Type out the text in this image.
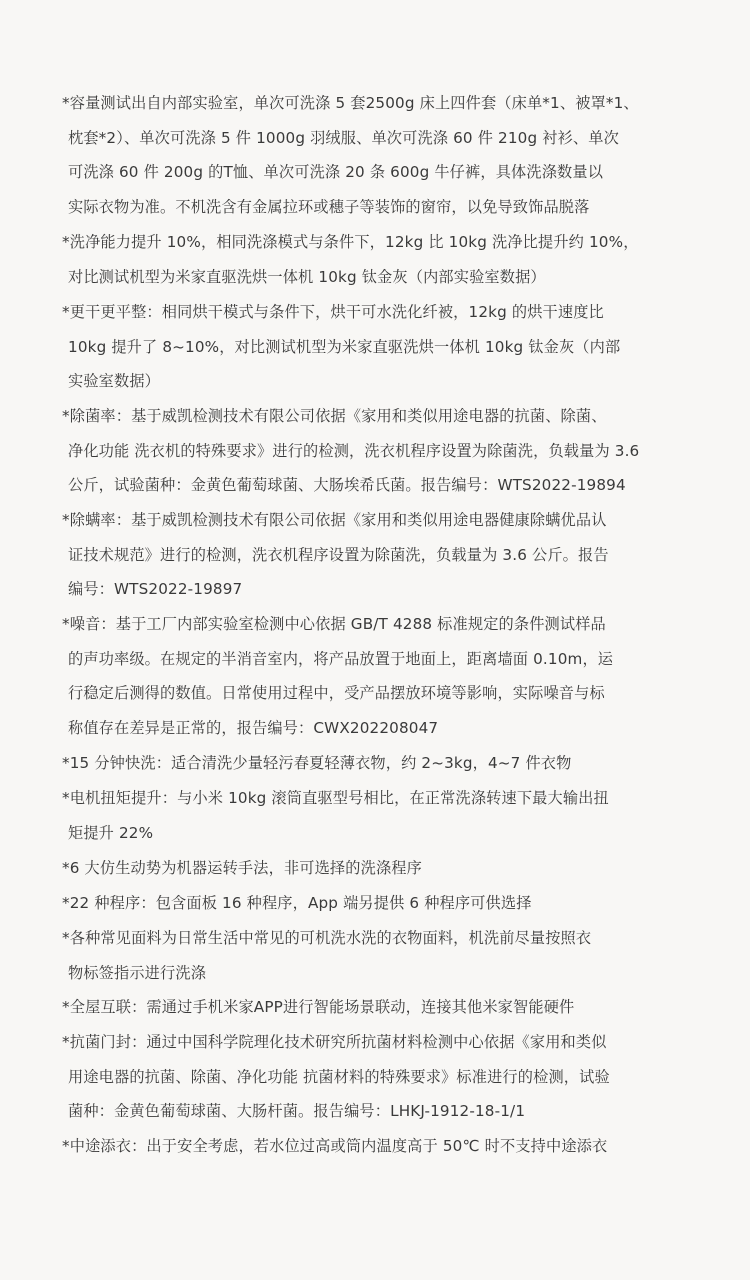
*容量测试出自内部实验室，单次可洗涤 5 套2500g 床上四件套（床单*1、被罩*1、
枕套*2）、单次可洗涤 5 件 1000g 羽绒服、单次可洗涤 60 件 210g 衬衫、单次
可洗涤 60 件 200g 的T恤、单次可洗涤 20 条 600g 牛仔裤，具体洗涤数量以
实际衣物为准。不机洗含有金属拉环或穗子等装饰的窗帘，以免导致饰品脱落
*洗净能力提升 10%，相同洗涤模式与条件下，12kg 比 10kg 洗净比提升约 10%，
对比测试机型为米家直驱洗烘一体机 10kg 钛金灰（内部实验室数据）
*更干更平整：相同烘干模式与条件下，烘干可水洗化纤被，12kg 的烘干速度比
10kg 提升了 8~10%，对比测试机型为米家直驱洗烘一体机 10kg 钛金灰（内部
实验室数据）
*除菌率：基于威凯检测技术有限公司依据《家用和类似用途电器的抗菌、除菌、
净化功能 洗衣机的特殊要求》进行的检测，洗衣机程序设置为除菌洗，负载量为 3.6
公斤，试验菌种：金黄色葡萄球菌、大肠埃希氏菌。报告编号：WTS2022-19894
*除螨率：基于威凯检测技术有限公司依据《家用和类似用途电器健康除螨优品认
证技术规范》进行的检测，洗衣机程序设置为除菌洗，负载量为 3.6 公斤。报告
编号：WTS2022-19897
*噪音：基于工厂内部实验室检测中心依据 GB/T 4288 标准规定的条件测试样品
的声功率级。在规定的半消音室内，将产品放置于地面上，距离墙面 0.10m，运
行稳定后测得的数值。日常使用过程中，受产品摆放环境等影响，实际噪音与标
称值存在差异是正常的，报告编号：CWX202208047
*15 分钟快洗：适合清洗少量轻污春夏轻薄衣物，约 2~3kg，4~7 件衣物
*电机扭矩提升：与小米 10kg 滚筒直驱型号相比，在正常洗涤转速下最大输出扭
矩提升 22%
*6 大仿生动势为机器运转手法，非可选择的洗涤程序
*22 种程序：包含面板 16 种程序，App 端另提供 6 种程序可供选择
*各种常见面料为日常生活中常见的可机洗水洗的衣物面料，机洗前尽量按照衣
物标签指示进行洗涤
*全屋互联：需通过手机米家APP进行智能场景联动，连接其他米家智能硬件
*抗菌门封：通过中国科学院理化技术研究所抗菌材料检测中心依据《家用和类似
用途电器的抗菌、除菌、净化功能 抗菌材料的特殊要求》标准进行的检测，试验
菌种：金黄色葡萄球菌、大肠杆菌。报告编号：LHKJ-1912-18-1/1
*中途添衣：出于安全考虑，若水位过高或筒内温度高于 50℃ 时不支持中途添衣
